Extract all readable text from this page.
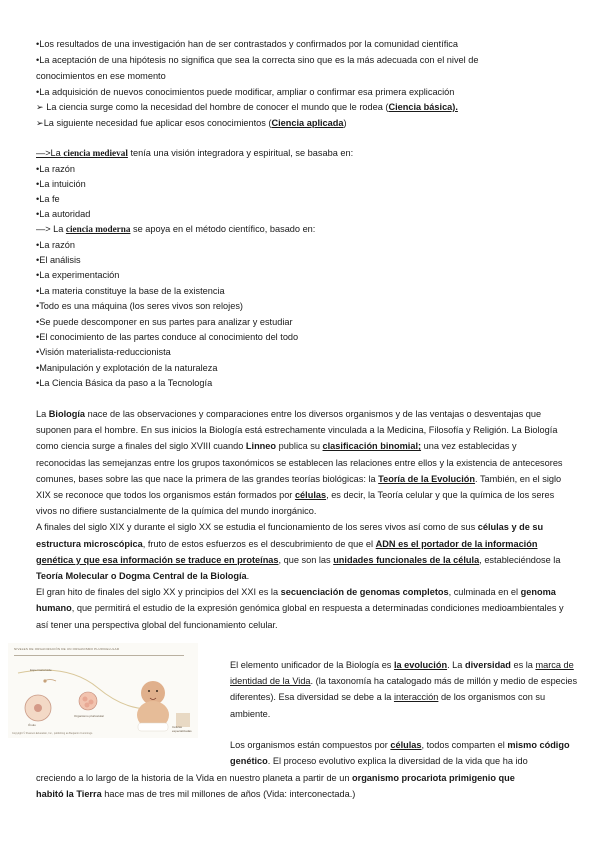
•Los resultados de una investigación han de ser contrastados y confirmados por la comunidad científica
•La aceptación de una hipótesis no significa que sea la correcta sino que es la más adecuada con el nivel de
conocimientos en ese momento
•La adquisición de nuevos conocimientos puede modificar, ampliar o confirmar esa primera explicación
➢ La ciencia surge como la necesidad del hombre de conocer el mundo que le rodea (Ciencia básica).
➢La siguiente necesidad fue aplicar esos conocimientos (Ciencia aplicada)
—>La ciencia medieval tenía una visión integradora y espiritual, se basaba en:
•La razón
•La intuición
•La fe
•La autoridad
—> La ciencia moderna se apoya en el método científico, basado en:
•La razón
•El análisis
•La experimentación
•La materia constituye la base de la existencia
•Todo es una máquina (los seres vivos son relojes)
•Se puede descomponer en sus partes para analizar y estudiar
•El conocimiento de las partes conduce al conocimiento del todo
•Visión materialista-reduccionista
•Manipulación y explotación de la naturaleza
•La Ciencia Básica da paso a la Tecnología
La Biología nace de las observaciones y comparaciones entre los diversos organismos y de las ventajas o desventajas que suponen para el hombre. En sus inicios la Biología está estrechamente vinculada a la Medicina, Filosofía y Religión. La Biología como ciencia surge a finales del siglo XVIII cuando Linneo publica su clasificación binomial; una vez establecidas y reconocidas las semejanzas entre los grupos taxonómicos se establecen las relaciones entre ellos y la existencia de antecesores comunes, bases sobre las que nace la primera de las grandes teorías biológicas: la Teoría de la Evolución. También, en el siglo XIX se reconoce que todos los organismos están formados por células, es decir, la Teoría celular y que la química de los seres vivos no difiere sustancialmente de la química del mundo inorgánico.
A finales del siglo XIX y durante el siglo XX se estudia el funcionamiento de los seres vivos así como de sus células y de su estructura microscópica, fruto de estos esfuerzos es el descubrimiento de que el ADN es el portador de la información genética y que esa información se traduce en proteínas, que son las unidades funcionales de la célula, estableciéndose la Teoría Molecular o Dogma Central de la Biología.
El gran hito de finales del siglo XX y principios del XXI es la secuenciación de genomas completos, culminada en el genoma humano, que permitirá el estudio de la expresión genómica global en respuesta a determinadas condiciones medioambientales y así tener una perspectiva global del funcionamiento celular.
NIVELES DE ORGANIZACIÓN DE UN ORGANISMO PLURICELULAR
Espermatozoide
Óvulo
Organismo pluricelular
Células especializadas
Copyright © Pearson Education, Inc., publishing as Benjamin Cummings.
El elemento unificador de la Biología es la evolución. La diversidad es la marca de identidad de la Vida. (la taxonomía ha catalogado más de millón y medio de especies diferentes). Esa diversidad se debe a la interacción de los organismos con su ambiente.
Los organismos están compuestos por células, todos comparten el mismo código genético. El proceso evolutivo explica la diversidad de la vida que ha ido
creciendo a lo largo de la historia de la Vida en nuestro planeta a partir de un organismo procariota primigenio que
habitó la Tierra hace mas de tres mil millones de años (Vida: interconectada.)
